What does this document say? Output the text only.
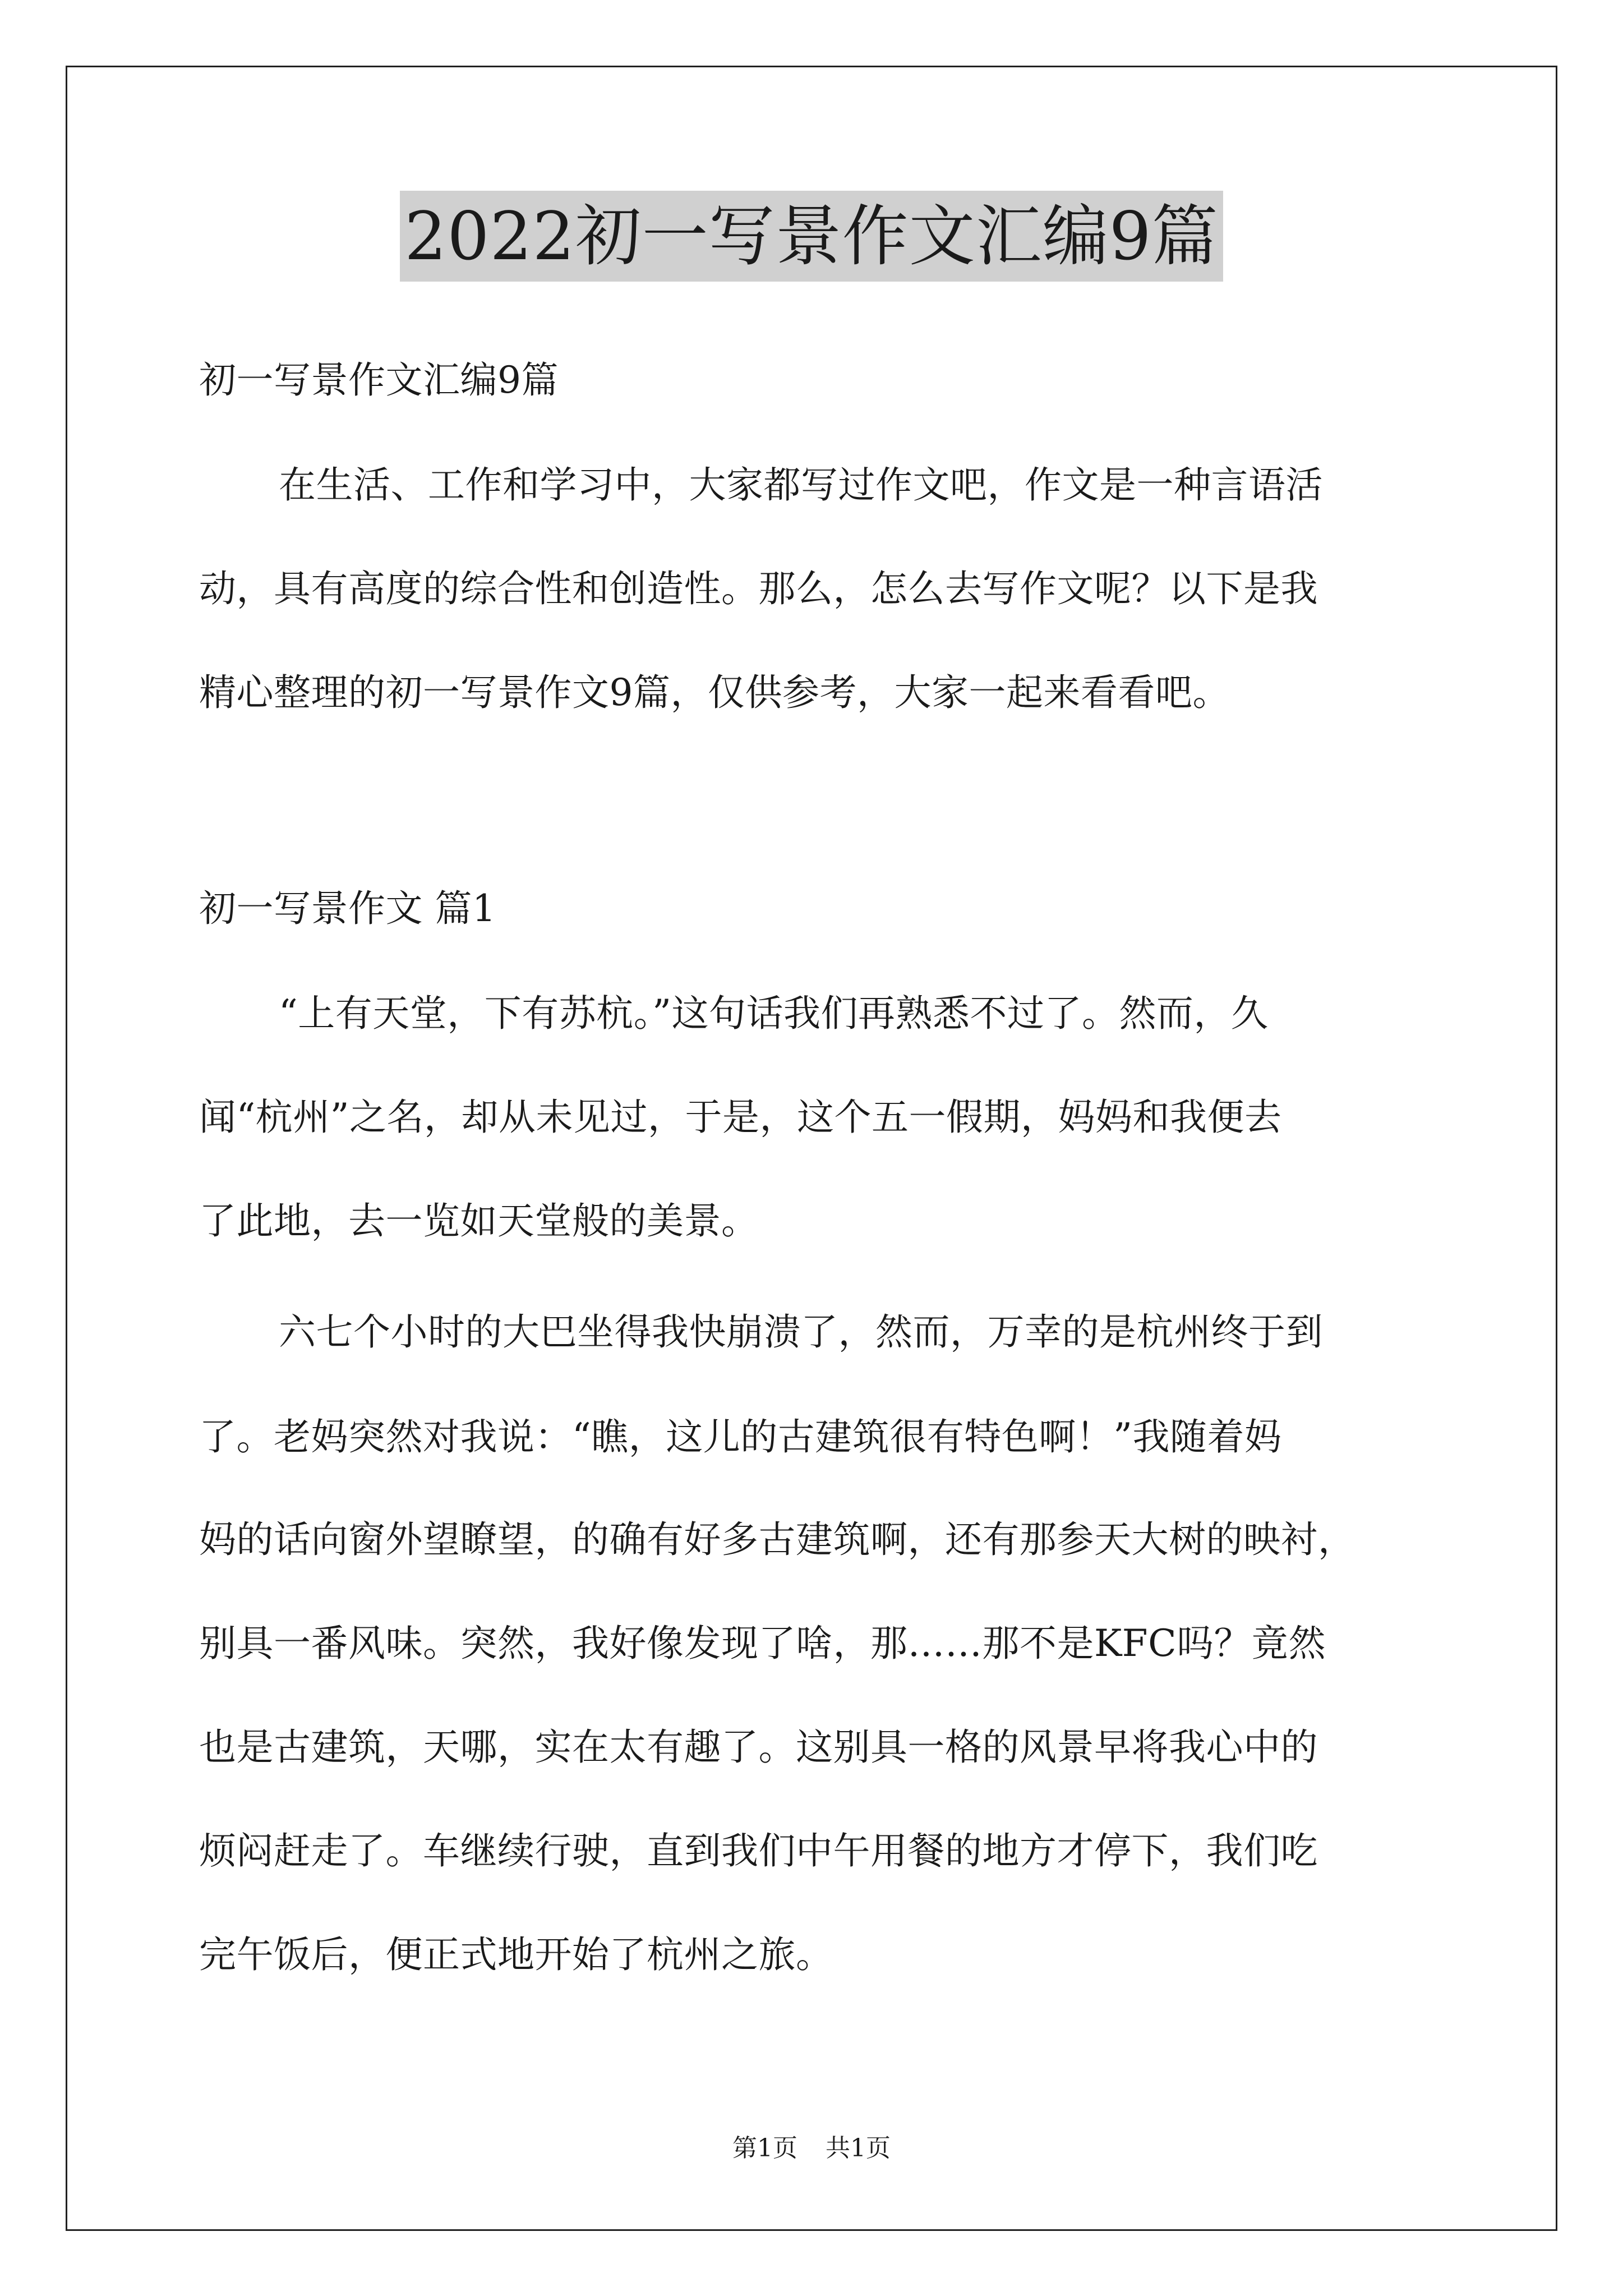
2022初一写景作文汇编9篇
初一写景作文汇编9篇
在生活、工作和学习中，大家都写过作文吧，作文是一种言语活
动，具有高度的综合性和创造性。那么，怎么去写作文呢？以下是我
精心整理的初一写景作文9篇，仅供参考，大家一起来看看吧。
初一写景作文 篇1
“上有天堂，下有苏杭。”这句话我们再熟悉不过了。然而，久
闻“杭州”之名，却从未见过，于是，这个五一假期，妈妈和我便去
了此地，去一览如天堂般的美景。
六七个小时的大巴坐得我快崩溃了，然而，万幸的是杭州终于到
了。老妈突然对我说：“瞧，这儿的古建筑很有特色啊！”我随着妈
妈的话向窗外望瞭望，的确有好多古建筑啊，还有那参天大树的映衬，
别具一番风味。突然，我好像发现了啥，那……那不是KFC吗？竟然
也是古建筑，天哪，实在太有趣了。这别具一格的风景早将我心中的
烦闷赶走了。车继续行驶，直到我们中午用餐的地方才停下，我们吃
完午饭后，便正式地开始了杭州之旅。
第1页 共1页
